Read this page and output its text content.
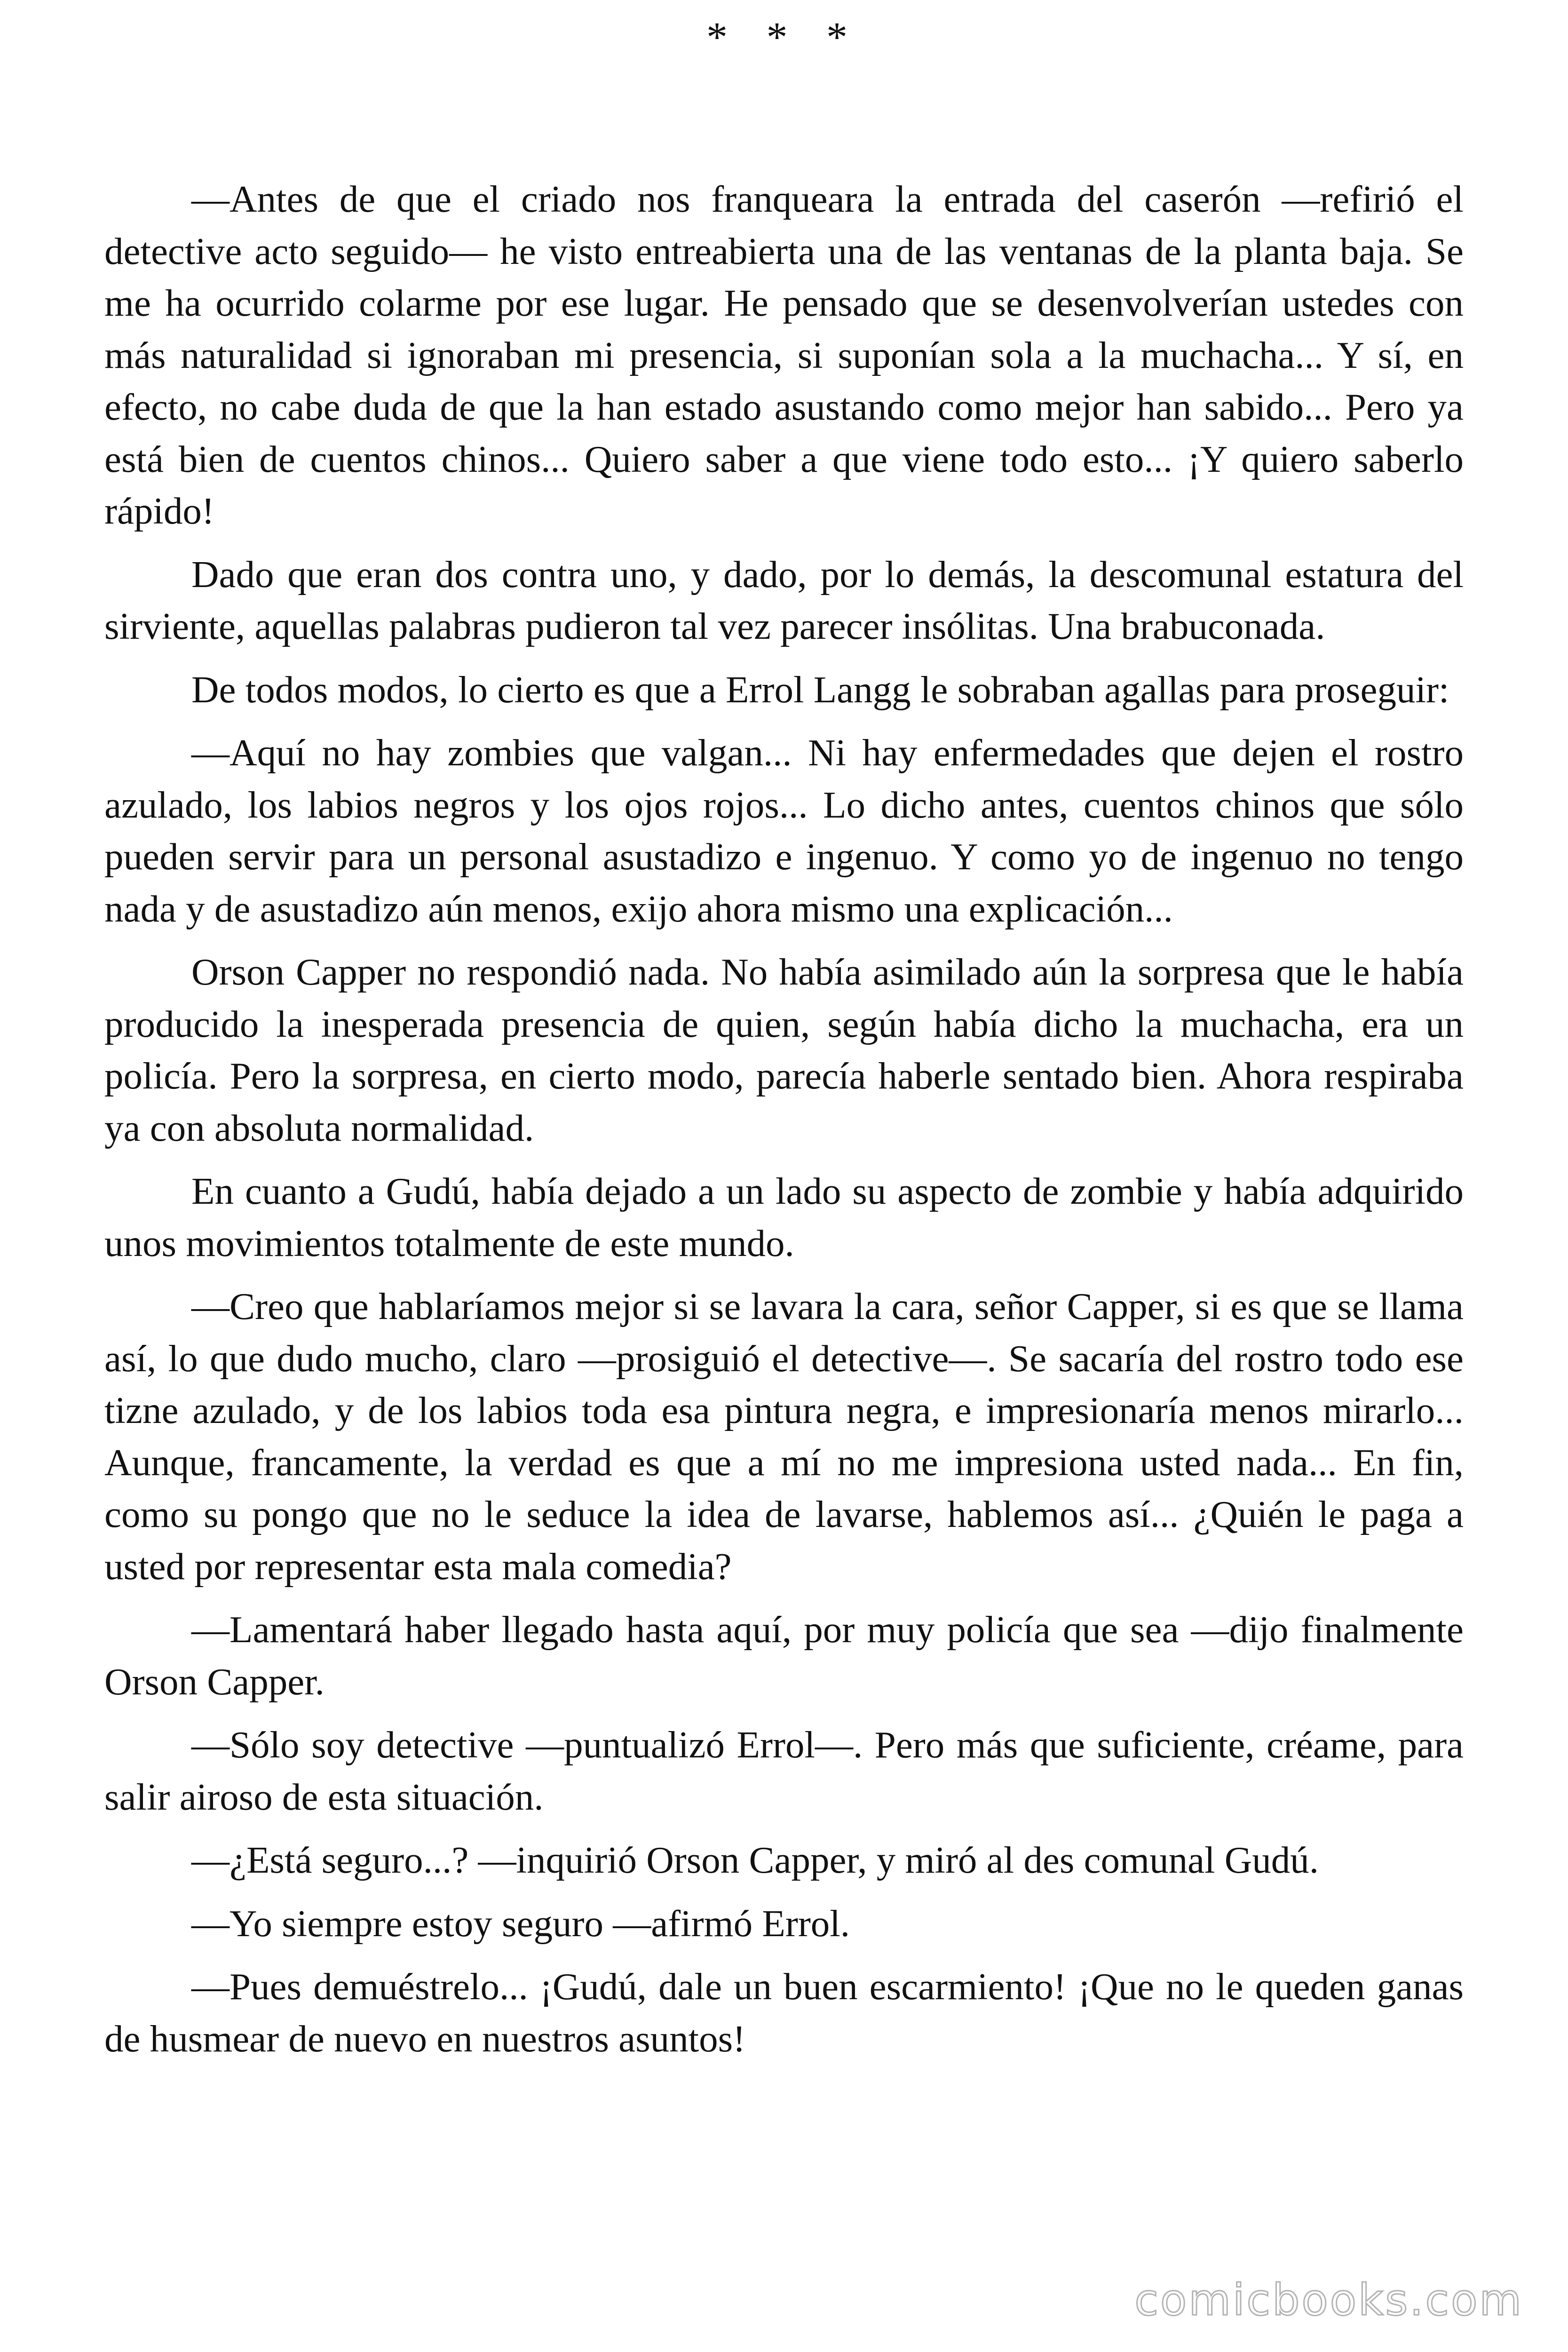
* * *

—Antes de que el criado nos franqueara la entrada del caserón —refirió el detective acto seguido— he visto entreabierta una de las ventanas de la planta baja. Se me ha ocurrido colarme por ese lugar. He pensado que se desenvolverían ustedes con más naturalidad si ignoraban mi presencia, si suponían sola a la muchacha... Y sí, en efecto, no cabe duda de que la han estado asustando como mejor han sabido... Pero ya está bien de cuentos chinos... Quiero saber a que viene todo esto... ¡Y quiero saberlo rápido!

Dado que eran dos contra uno, y dado, por lo demás, la descomunal estatura del sirviente, aquellas palabras pudieron tal vez parecer insólitas. Una brabuconada.

De todos modos, lo cierto es que a Errol Langg le sobraban agallas para proseguir:

—Aquí no hay zombies que valgan... Ni hay enfermedades que dejen el rostro azulado, los labios negros y los ojos rojos... Lo dicho antes, cuentos chinos que sólo pueden servir para un personal asustadizo e ingenuo. Y como yo de ingenuo no tengo nada y de asustadizo aún menos, exijo ahora mismo una explicación...

Orson Capper no respondió nada. No había asimilado aún la sorpresa que le había producido la inesperada presencia de quien, según había dicho la muchacha, era un policía. Pero la sorpresa, en cierto modo, parecía haberle sentado bien. Ahora respiraba ya con absoluta normalidad.

En cuanto a Gudú, había dejado a un lado su aspecto de zombie y había adquirido unos movimientos totalmente de este mundo.

—Creo que hablaríamos mejor si se lavara la cara, señor Capper, si es que se llama así, lo que dudo mucho, claro —prosiguió el detective—. Se sacaría del rostro todo ese tizne azulado, y de los labios toda esa pintura negra, e impresionaría menos mirarlo... Aunque, francamente, la verdad es que a mí no me impresiona usted nada... En fin, como su pongo que no le seduce la idea de lavarse, hablemos así... ¿Quién le paga a usted por representar esta mala comedia?

—Lamentará haber llegado hasta aquí, por muy policía que sea —dijo finalmente Orson Capper.

—Sólo soy detective —puntualizó Errol—. Pero más que suficiente, créame, para salir airoso de esta situación.

—¿Está seguro...? —inquirió Orson Capper, y miró al des comunal Gudú.

—Yo siempre estoy seguro —afirmó Errol.

—Pues demuéstrelo... ¡Gudú, dale un buen escarmiento! ¡Que no le queden ganas de husmear de nuevo en nuestros asuntos!

comicbooks.com
